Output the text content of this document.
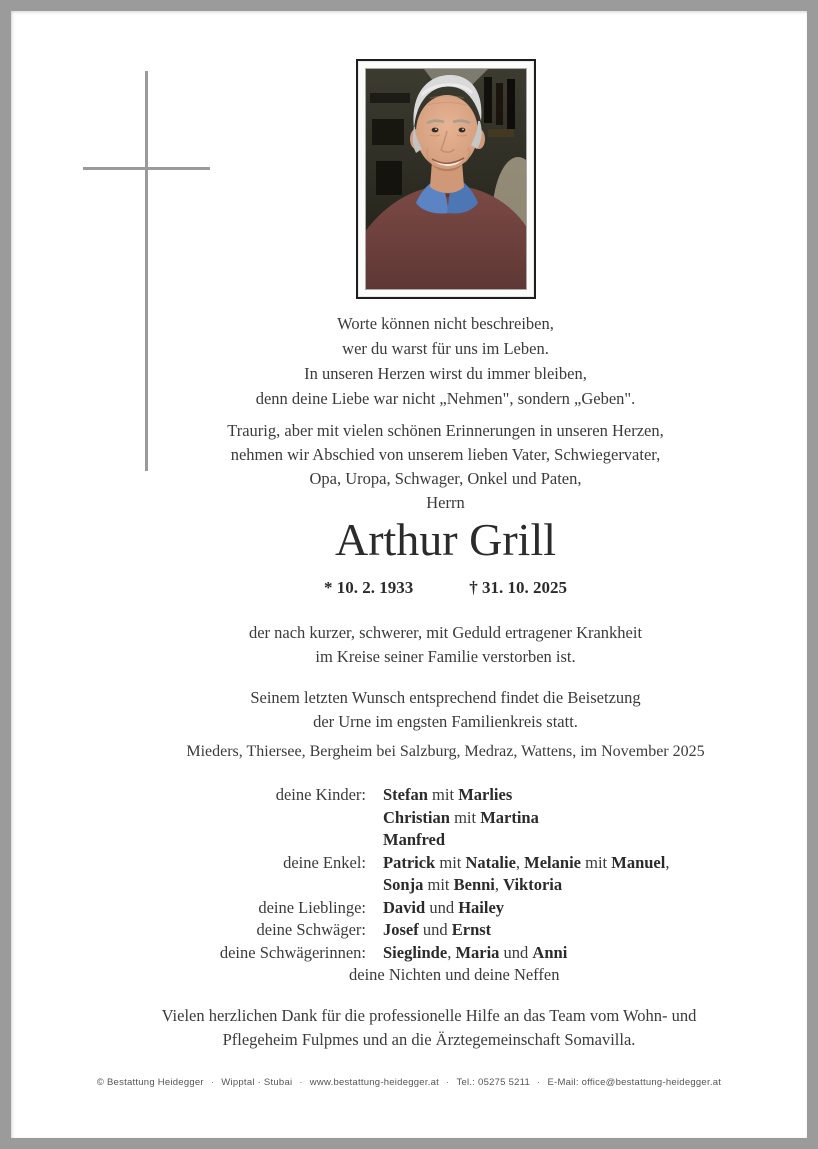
Worte können nicht beschreiben,
wer du warst für uns im Leben.
In unseren Herzen wirst du immer bleiben,
denn deine Liebe war nicht „Nehmen", sondern „Geben".
Traurig, aber mit vielen schönen Erinnerungen in unseren Herzen,
nehmen wir Abschied von unserem lieben Vater, Schwiegervater,
Opa, Uropa, Schwager, Onkel und Paten,
Herrn
Arthur Grill
* 10. 2. 1933	† 31. 10. 2025
der nach kurzer, schwerer, mit Geduld ertragener Krankheit
im Kreise seiner Familie verstorben ist.
Seinem letzten Wunsch entsprechend findet die Beisetzung
der Urne im engsten Familienkreis statt.
Mieders, Thiersee, Bergheim bei Salzburg, Medraz, Wattens, im November 2025
deine Kinder: Stefan mit Marlies
Christian mit Martina
Manfred
deine Enkel: Patrick mit Natalie, Melanie mit Manuel,
Sonja mit Benni, Viktoria
deine Lieblinge: David und Hailey
deine Schwäger: Josef und Ernst
deine Schwägerinnen: Sieglinde, Maria und Anni
deine Nichten und deine Neffen
Vielen herzlichen Dank für die professionelle Hilfe an das Team vom Wohn- und
Pflegeheim Fulpmes und an die Ärztegemeinschaft Somavilla.
© Bestattung Heidegger · Wipptal · Stubai · www.bestattung-heidegger.at · Tel.: 05275 5211 · E-Mail: office@bestattung-heidegger.at
